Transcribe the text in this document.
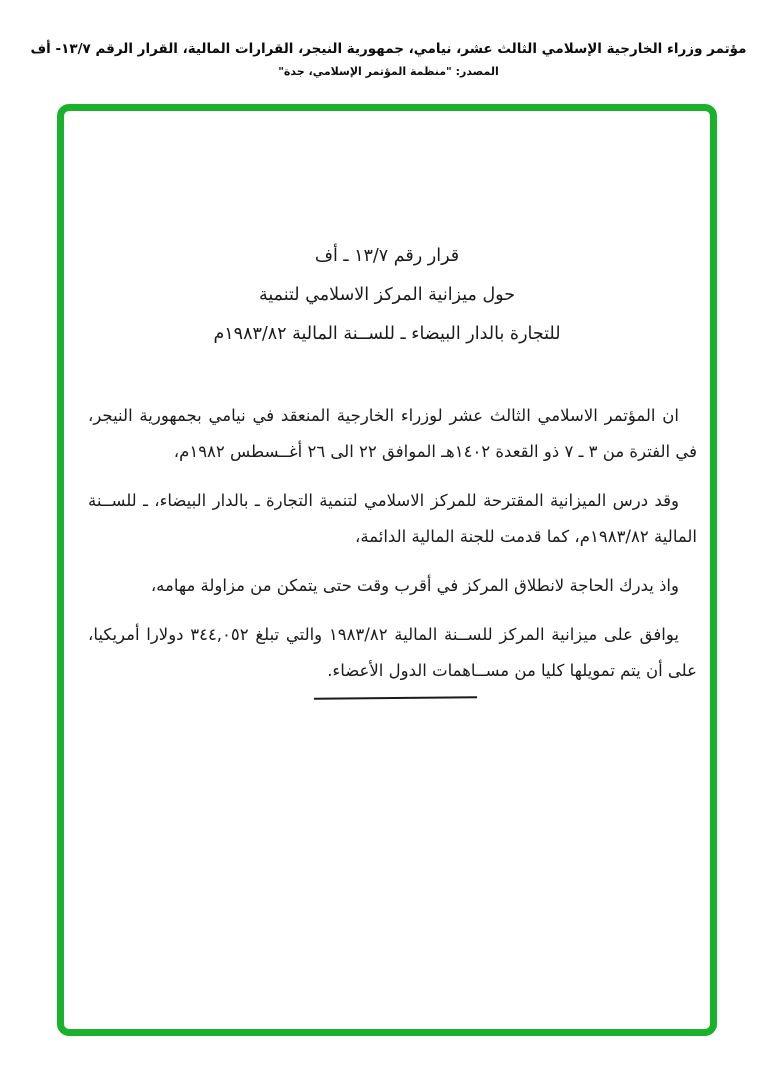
مؤتمر وزراء الخارجية الإسلامي الثالث عشر، نيامي، جمهورية النيجر، القرارات المالية، القرار الرقم ١٣/٧- أف
المصدر: "منظمة المؤتمر الإسلامي، جدة"
قرار رقم ١٣/٧ ـ أف
حول ميزانية المركز الاسلامي لتنمية
للتجارة بالدار البيضاء ـ للســنة المالية ١٩٨٣/٨٢م

ان المؤتمر الاسلامي الثالث عشر لوزراء الخارجية المنعقد في نيامي بجمهورية النيجر، في الفترة من ٣ ـ ٧ ذو القعدة ١٤٠٢هـ الموافق ٢٢ الى ٢٦ أغــسطس ١٩٨٢م،

وقد درس الميزانية المقترحة للمركز الاسلامي لتنمية التجارة ـ بالدار البيضاء، ـ للســنة المالية ١٩٨٣/٨٢م، كما قدمت للجنة المالية الدائمة،

واذ يدرك الحاجة لانطلاق المركز في أقرب وقت حتى يتمكن من مزاولة مهامه،

يوافق على ميزانية المركز للســنة المالية ١٩٨٣/٨٢ والتي تبلغ ٣٤٤,٠٥٢ دولارا أمريكيا، على أن يتم تمويلها كليا من مســاهمات الدول الأعضاء.
